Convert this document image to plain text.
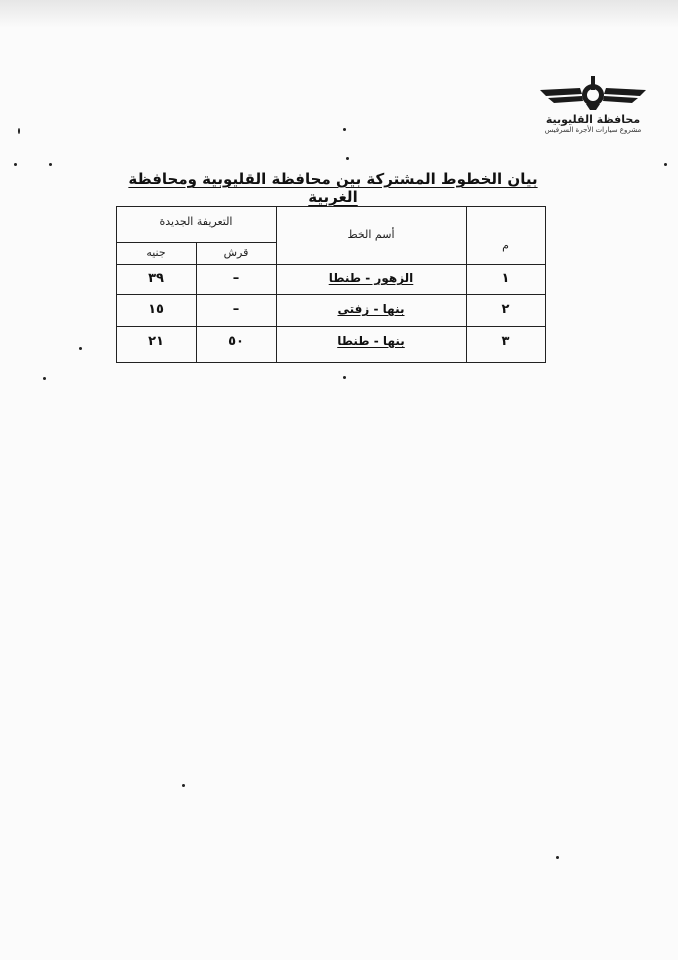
محافظة القليوبية
مشروع سيارات الأجرة السرفيس
بيان الخطوط المشتركة بين محافظة القليوبية ومحافظة الغربية
التعريفة الجديدة
أسم الخط
م
جنيه	قرش
٣٩	–	الزهور - طنطا	١
١٥	–	بنها - زفتى	٢
٢١	٥٠	بنها - طنطا	٣
